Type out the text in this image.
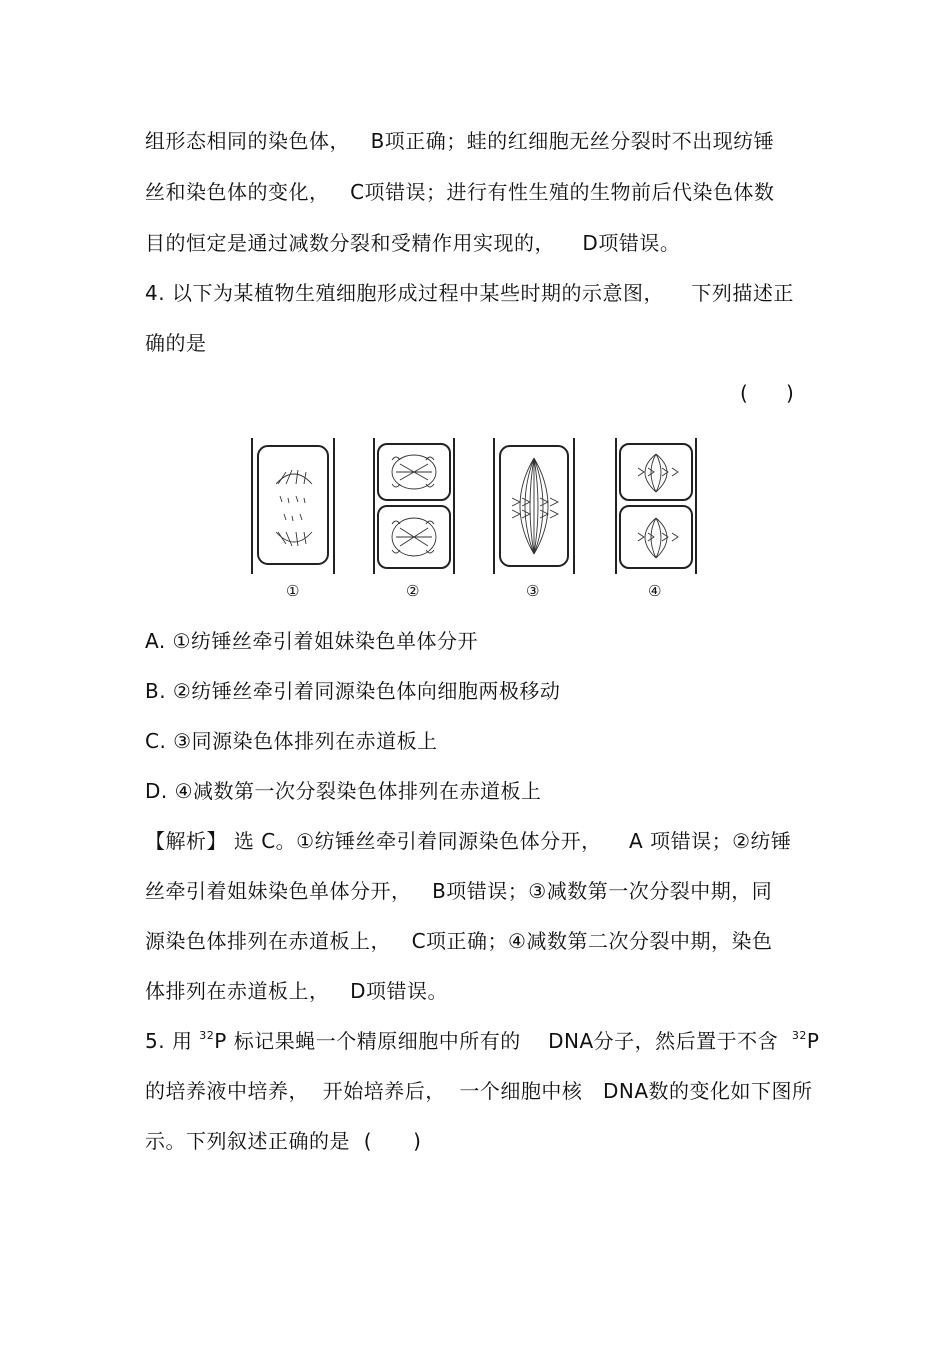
组形态相同的染色体，   B项正确；蛙的红细胞无丝分裂时不出现纺锤
丝和染色体的变化，   C项错误；进行有性生殖的生物前后代染色体数
目的恒定是通过减数分裂和受精作用实现的，    D项错误。
4. 以下为某植物生殖细胞形成过程中某些时期的示意图，    下列描述正
确的是
(      )
①	②	③	④
A. ①纺锤丝牵引着姐妹染色单体分开
B. ②纺锤丝牵引着同源染色体向细胞两极移动
C. ③同源染色体排列在赤道板上
D. ④减数第一次分裂染色体排列在赤道板上
【解析】 选 C。①纺锤丝牵引着同源染色体分开，    A 项错误；②纺锤
丝牵引着姐妹染色单体分开，   B项错误；③减数第一次分裂中期，同
源染色体排列在赤道板上，   C项正确；④减数第二次分裂中期，染色
体排列在赤道板上，   D项错误。
5. 用 $^{32}$P 标记果蝇一个精原细胞中所有的    DNA分子，然后置于不含  $^{32}$P
的培养液中培养，  开始培养后，  一个细胞中核   DNA数的变化如下图所
示。下列叙述正确的是  (      )
